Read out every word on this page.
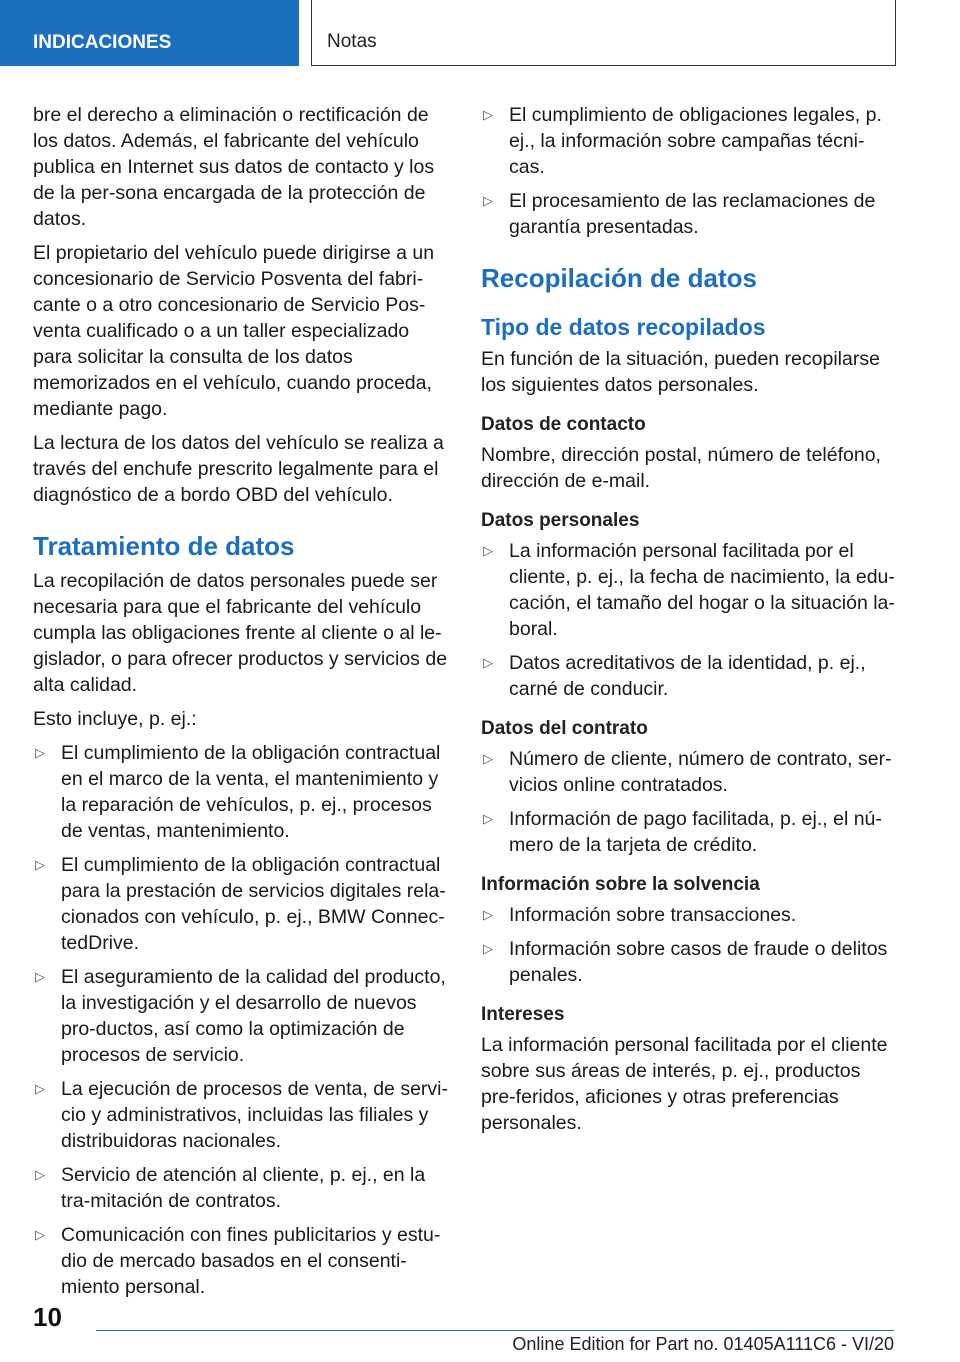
INDICACIONES	Notas

bre el derecho a eliminación o rectificación de los datos. Además, el fabricante del vehículo publica en Internet sus datos de contacto y los de la per-sona encargada de la protección de datos.

El propietario del vehículo puede dirigirse a un concesionario de Servicio Posventa del fabri-cante o a otro concesionario de Servicio Pos-venta cualificado o a un taller especializado para solicitar la consulta de los datos memorizados en el vehículo, cuando proceda, mediante pago.

La lectura de los datos del vehículo se realiza a través del enchufe prescrito legalmente para el diagnóstico de a bordo OBD del vehículo.

Tratamiento de datos

La recopilación de datos personales puede ser necesaria para que el fabricante del vehículo cumpla las obligaciones frente al cliente o al le-gislador, o para ofrecer productos y servicios de alta calidad.

Esto incluye, p. ej.:

▷ El cumplimiento de la obligación contractual en el marco de la venta, el mantenimiento y la reparación de vehículos, p. ej., procesos de ventas, mantenimiento.
▷ El cumplimiento de la obligación contractual para la prestación de servicios digitales rela-cionados con vehículo, p. ej., BMW Connec-tedDrive.
▷ El aseguramiento de la calidad del producto, la investigación y el desarrollo de nuevos pro-ductos, así como la optimización de procesos de servicio.
▷ La ejecución de procesos de venta, de servi-cio y administrativos, incluidas las filiales y distribuidoras nacionales.
▷ Servicio de atención al cliente, p. ej., en la tra-mitación de contratos.
▷ Comunicación con fines publicitarios y estu-dio de mercado basados en el consenti-miento personal.
▷ El cumplimiento de obligaciones legales, p. ej., la información sobre campañas técni-cas.
▷ El procesamiento de las reclamaciones de garantía presentadas.
Recopilación de datos
Tipo de datos recopilados

En función de la situación, pueden recopilarse los siguientes datos personales.

Datos de contacto

Nombre, dirección postal, número de teléfono, dirección de e-mail.

Datos personales
▷ La información personal facilitada por el cliente, p. ej., la fecha de nacimiento, la edu-cación, el tamaño del hogar o la situación la-boral.
▷ Datos acreditativos de la identidad, p. ej., carné de conducir.
Datos del contrato
▷ Número de cliente, número de contrato, ser-vicios online contratados.
▷ Información de pago facilitada, p. ej., el nú-mero de la tarjeta de crédito.
Información sobre la solvencia
▷ Información sobre transacciones.
▷ Información sobre casos de fraude o delitos penales.
Intereses

La información personal facilitada por el cliente sobre sus áreas de interés, p. ej., productos pre-feridos, aficiones y otras preferencias personales.

10
Online Edition for Part no. 01405A111C6 - VI/20
